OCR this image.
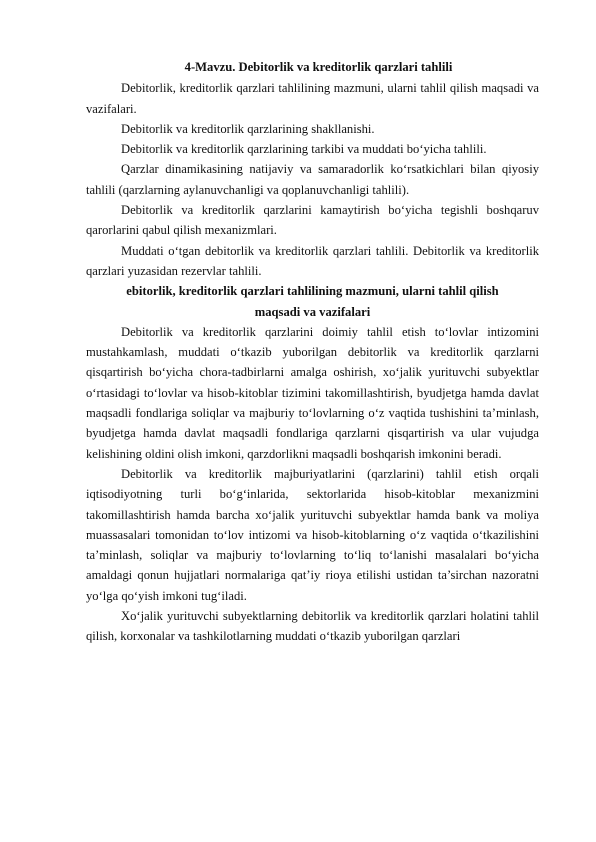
4-Mavzu. Debitorlik va kreditorlik qarzlari tahlili

Debitorlik, kreditorlik qarzlari tahlilining mazmuni, ularni tahlil qilish maqsadi va vazifalari.

Debitorlik va kreditorlik qarzlarining shakllanishi.

Debitorlik va kreditorlik qarzlarining tarkibi va muddati bo‘yicha tahlili.

Qarzlar dinamikasining natijaviy va samaradorlik ko‘rsatkichlari bilan qiyosiy tahlili (qarzlarning aylanuvchanligi va qoplanuvchanligi tahlili).

Debitorlik va kreditorlik qarzlarini kamaytirish bo‘yicha tegishli boshqaruv qarorlarini qabul qilish mexanizmlari.

Muddati o‘tgan debitorlik va kreditorlik qarzlari tahlili. Debitorlik va kreditorlik qarzlari yuzasidan rezervlar tahlili.

ebitorlik, kreditorlik qarzlari tahlilining mazmuni, ularni tahlil qilish maqsadi va vazifalari

Debitorlik va kreditorlik qarzlarini doimiy tahlil etish to‘lovlar intizomini mustahkamlash, muddati o‘tkazib yuborilgan debitorlik va kreditorlik qarzlarni qisqartirish bo‘yicha chora-tadbirlarni amalga oshirish, xo‘jalik yurituvchi subyektlar o‘rtasidagi to‘lovlar va hisob-kitoblar tizimini takomillashtirish, byudjetga hamda davlat maqsadli fondlariga soliqlar va majburiy to‘lovlarning o‘z vaqtida tushishini ta’minlash, byudjetga hamda davlat maqsadli fondlariga qarzlarni qisqartirish va ular vujudga kelishining oldini olish imkoni, qarzdorlikni maqsadli boshqarish imkonini beradi.

Debitorlik va kreditorlik majburiyatlarini (qarzlarini) tahlil etish orqali iqtisodiyotning turli bo‘g‘inlarida, sektorlarida hisob-kitoblar mexanizmini takomillashtirish hamda barcha xo‘jalik yurituvchi subyektlar hamda bank va moliya muassasalari tomonidan to‘lov intizomi va hisob-kitoblarning o‘z vaqtida o‘tkazilishini ta’minlash, soliqlar va majburiy to‘lovlarning to‘liq to‘lanishi masalalari bo‘yicha amaldagi qonun hujjatlari normalariga qat’iy rioya etilishi ustidan ta’sirchan nazoratni yo‘lga qo‘yish imkoni tug‘iladi.

Xo‘jalik yurituvchi subyektlarning debitorlik va kreditorlik qarzlari holatini tahlil qilish, korxonalar va tashkilotlarning muddati o‘tkazib yuborilgan qarzlari
